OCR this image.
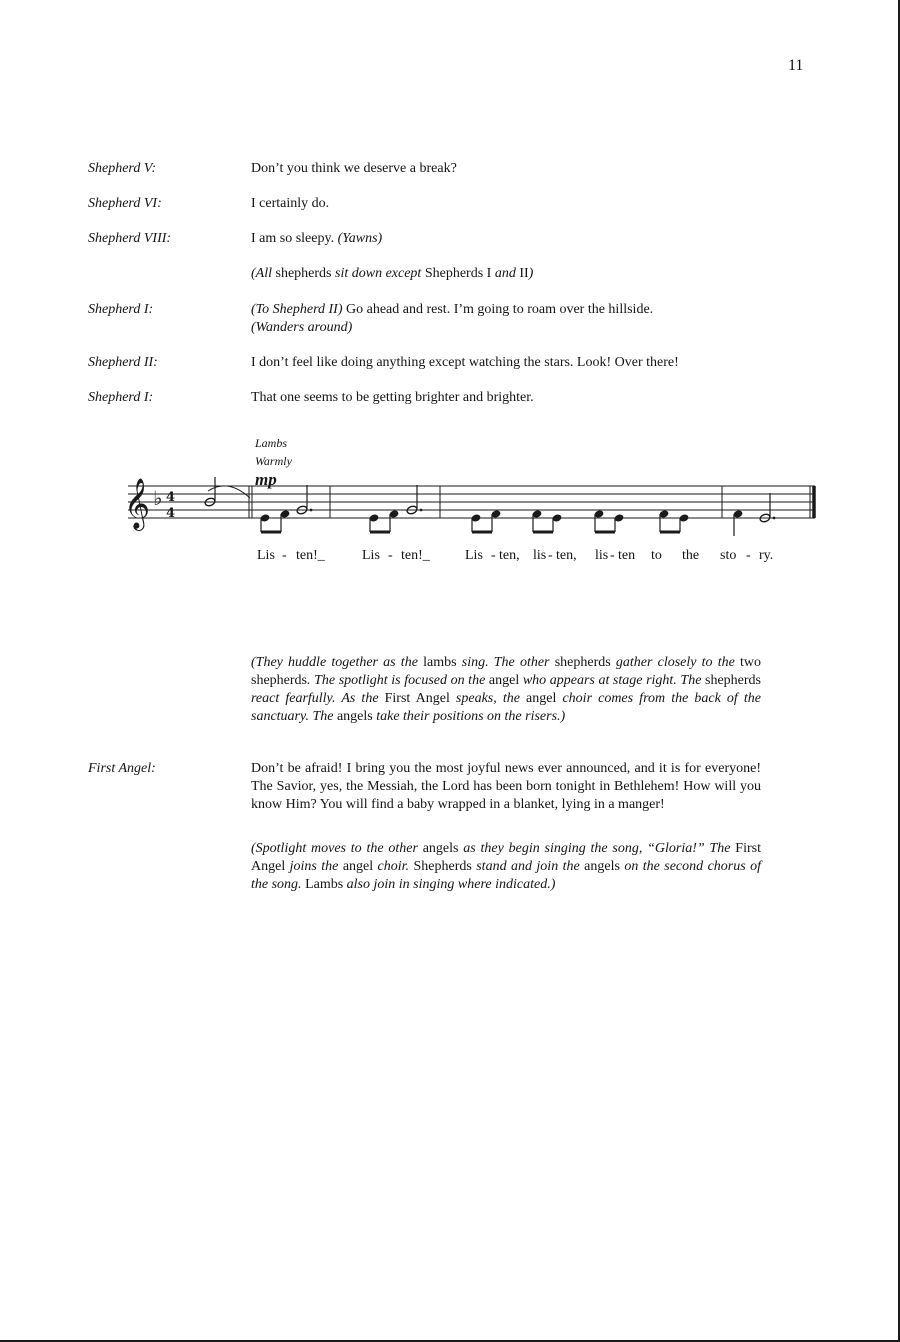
11
Shepherd V:	Don’t you think we deserve a break?
Shepherd VI:	I certainly do.
Shepherd VIII:	I am so sleepy. (Yawns)
(All shepherds sit down except Shepherds I and II)
Shepherd I:	(To Shepherd II) Go ahead and rest. I’m going to roam over the hillside.
(Wanders around)
Shepherd II:	I don’t feel like doing anything except watching the stars. Look! Over there!
Shepherd I:	That one seems to be getting brighter and brighter.
Lambs
Warmly
mp
𝄞 ♭ 4
4
Lis - ten!_	Lis - ten!_	Lis - ten, lis - ten, lis - ten to the sto - ry.
(They huddle together as the lambs sing. The other shepherds gather closely to the two shepherds. The spotlight is focused on the angel who appears at stage right. The shepherds react fearfully. As the First Angel speaks, the angel choir comes from the back of the sanctuary. The angels take their positions on the risers.)
First Angel:	Don’t be afraid! I bring you the most joyful news ever announced, and it is for everyone! The Savior, yes, the Messiah, the Lord has been born tonight in Bethlehem! How will you know Him? You will find a baby wrapped in a blanket, lying in a manger!
(Spotlight moves to the other angels as they begin singing the song, “Gloria!” The First Angel joins the angel choir. Shepherds stand and join the angels on the second chorus of the song. Lambs also join in singing where indicated.)
